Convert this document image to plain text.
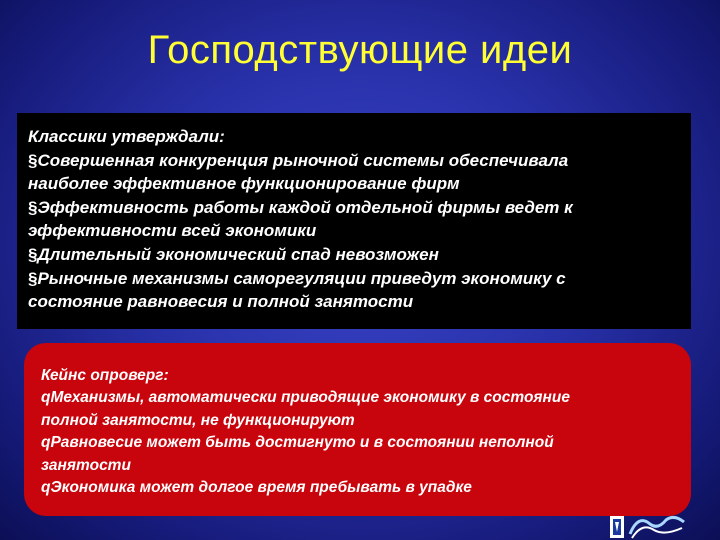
Господствующие идеи
Классики утверждали:
§Совершенная конкуренция рыночной системы обеспечивала
наиболее эффективное функционирование фирм
§Эффективность работы каждой отдельной фирмы ведет к
эффективности всей экономики
§Длительный экономический спад невозможен
§Рыночные механизмы саморегуляции приведут экономику с
состояние равновесия и полной занятости
Кейнс опроверг:
qМеханизмы, автоматически приводящие экономику в состояние
полной занятости, не функционируют
qРавновесие может быть достигнуто и в состоянии неполной
занятости
qЭкономика может долгое время пребывать в упадке
